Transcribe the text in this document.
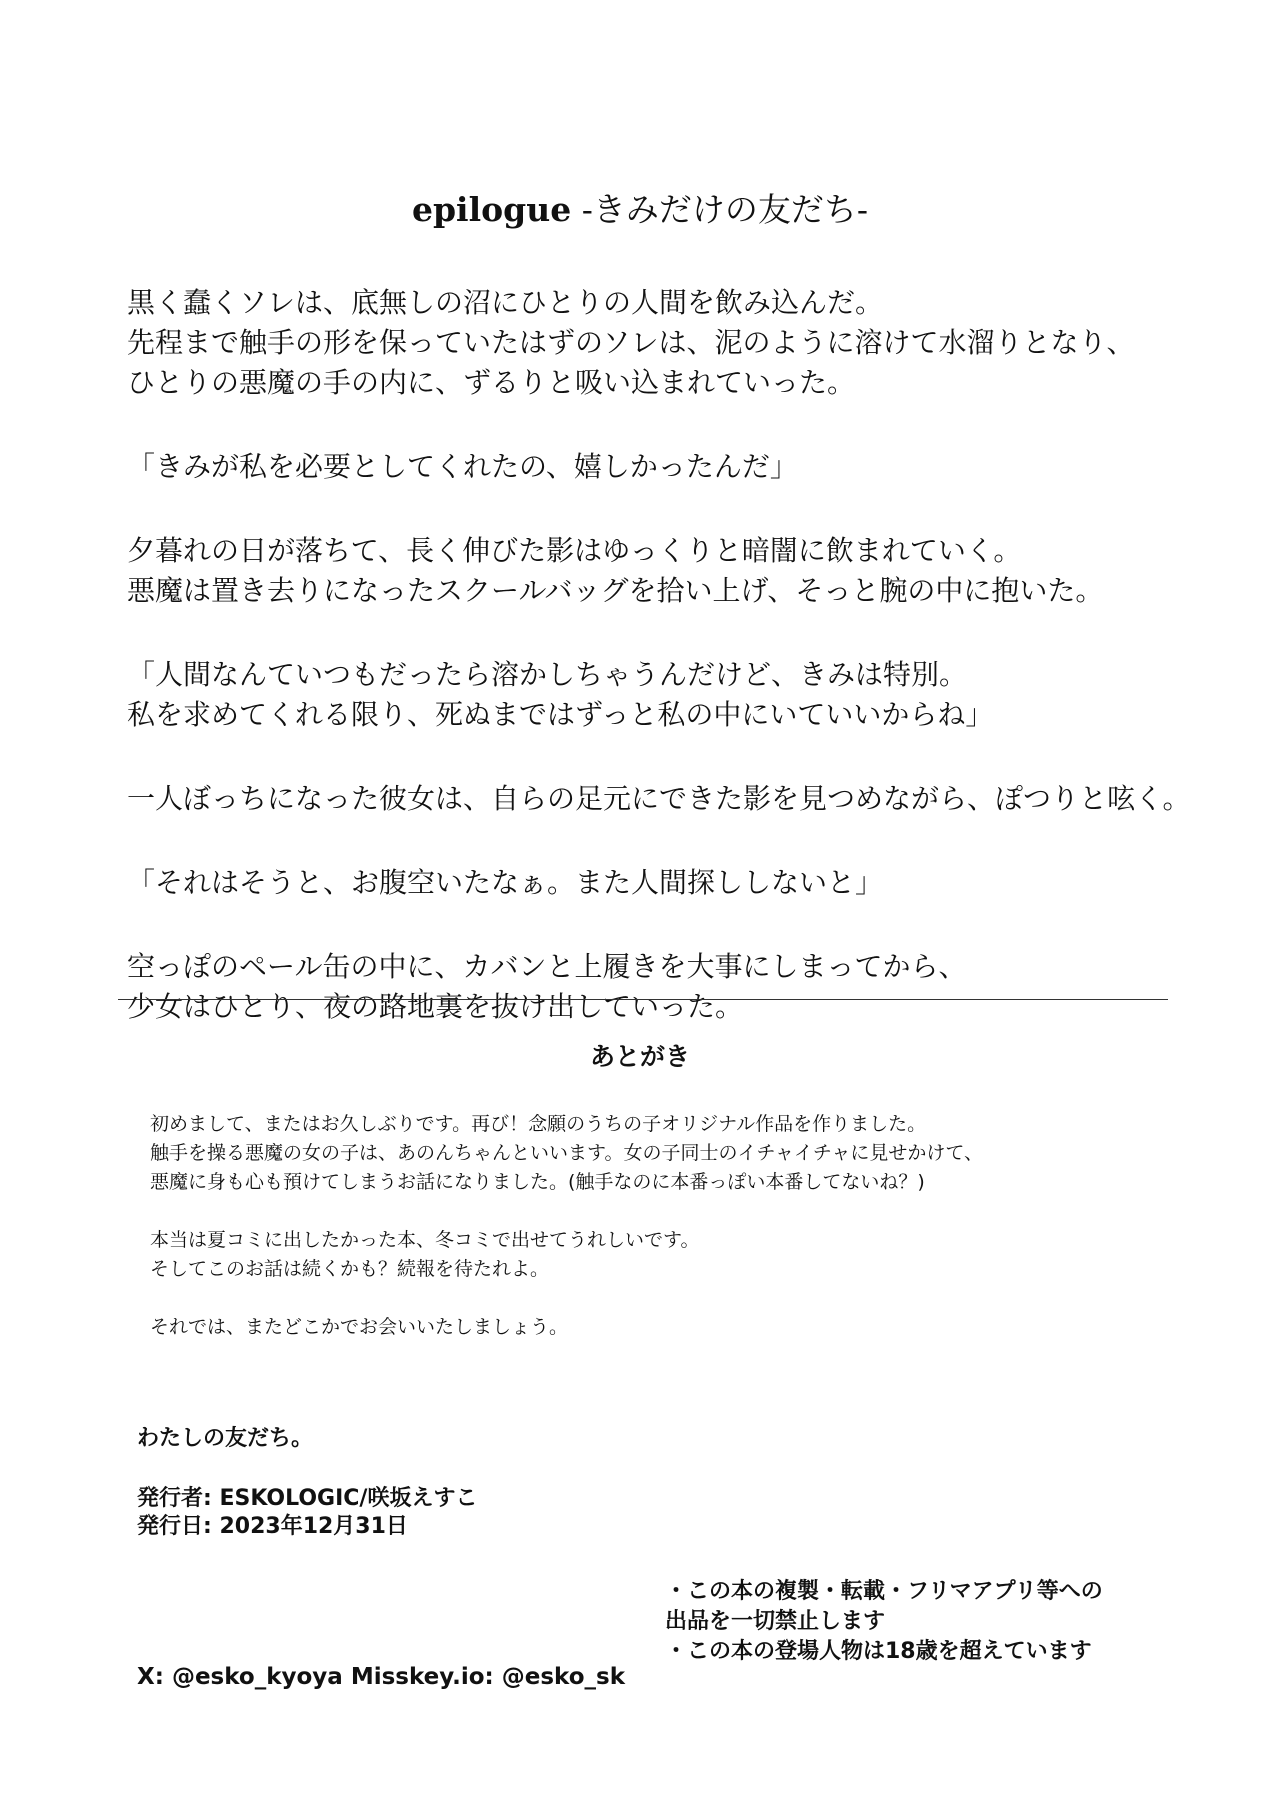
epilogue -きみだけの友だち-
黒く蠢くソレは、底無しの沼にひとりの人間を飲み込んだ。
先程まで触手の形を保っていたはずのソレは、泥のように溶けて水溜りとなり、
ひとりの悪魔の手の内に、ずるりと吸い込まれていった。
「きみが私を必要としてくれたの、嬉しかったんだ」
夕暮れの日が落ちて、長く伸びた影はゆっくりと暗闇に飲まれていく。
悪魔は置き去りになったスクールバッグを拾い上げ、そっと腕の中に抱いた。
「人間なんていつもだったら溶かしちゃうんだけど、きみは特別。
私を求めてくれる限り、死ぬまではずっと私の中にいていいからね」
一人ぼっちになった彼女は、自らの足元にできた影を見つめながら、ぽつりと呟く。
「それはそうと、お腹空いたなぁ。また人間探ししないと」
空っぽのペール缶の中に、カバンと上履きを大事にしまってから、
少女はひとり、夜の路地裏を抜け出していった。
あとがき
初めまして、またはお久しぶりです。再び！念願のうちの子オリジナル作品を作りました。
触手を操る悪魔の女の子は、あのんちゃんといいます。女の子同士のイチャイチャに見せかけて、
悪魔に身も心も預けてしまうお話になりました。(触手なのに本番っぽい本番してないね？)
本当は夏コミに出したかった本、冬コミで出せてうれしいです。
そしてこのお話は続くかも？続報を待たれよ。
それでは、またどこかでお会いいたしましょう。
わたしの友だち。
発行者: ESKOLOGIC/咲坂えすこ
発行日: 2023年12月31日
X: @esko_kyoya Misskey.io: @esko_sk
・この本の複製・転載・フリマアプリ等への
出品を一切禁止します
・この本の登場人物は18歳を超えています
